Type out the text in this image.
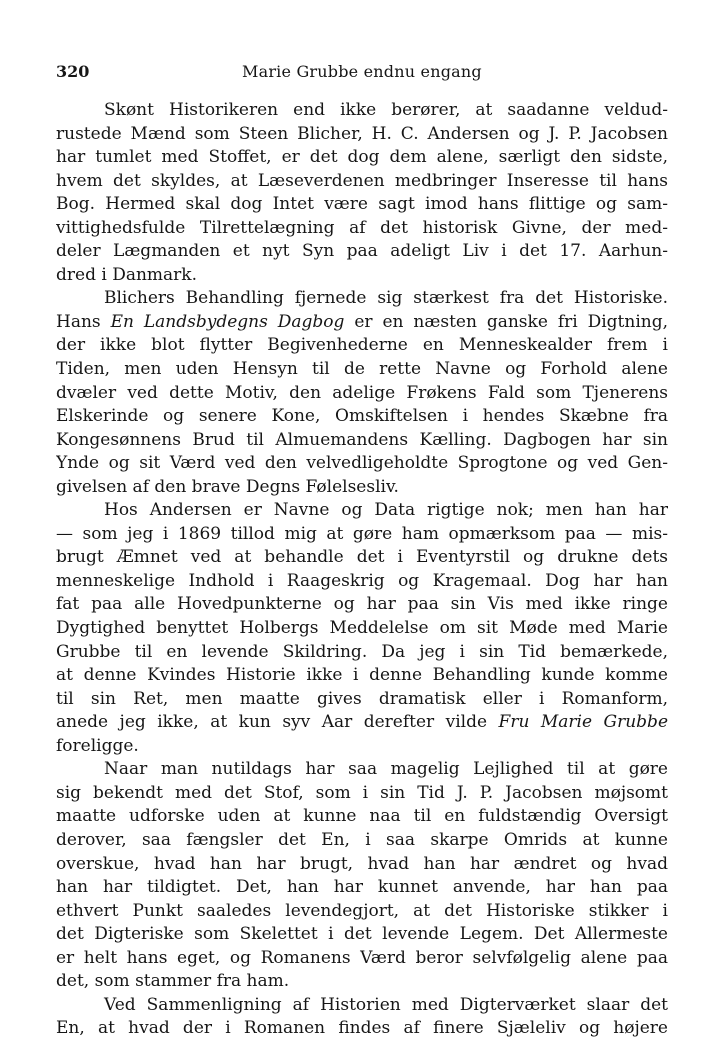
320	Marie Grubbe endnu engang
Skønt Historikeren end ikke berører, at saadanne veldud-
rustede Mænd som Steen Blicher, H. C. Andersen og J. P. Jacobsen
har tumlet med Stoffet, er det dog dem alene, særligt den sidste,
hvem det skyldes, at Læseverdenen medbringer Inseresse til hans
Bog. Hermed skal dog Intet være sagt imod hans flittige og sam-
vittighedsfulde Tilrettelægning af det historisk Givne, der med-
deler Lægmanden et nyt Syn paa adeligt Liv i det 17. Aarhun-
dred i Danmark.
Blichers Behandling fjernede sig stærkest fra det Historiske.
Hans En Landsbydegns Dagbog er en næsten ganske fri Digtning,
der ikke blot flytter Begivenhederne en Menneskealder frem i
Tiden, men uden Hensyn til de rette Navne og Forhold alene
dvæler ved dette Motiv, den adelige Frøkens Fald som Tjenerens
Elskerinde og senere Kone, Omskiftelsen i hendes Skæbne fra
Kongesønnens Brud til Almuemandens Kælling. Dagbogen har sin
Ynde og sit Værd ved den velvedligeholdte Sprogtone og ved Gen-
givelsen af den brave Degns Følelsesliv.
Hos Andersen er Navne og Data rigtige nok; men han har
— som jeg i 1869 tillod mig at gøre ham opmærksom paa — mis-
brugt Æmnet ved at behandle det i Eventyrstil og drukne dets
menneskelige Indhold i Raageskrig og Kragemaal. Dog har han
fat paa alle Hovedpunkterne og har paa sin Vis med ikke ringe
Dygtighed benyttet Holbergs Meddelelse om sit Møde med Marie
Grubbe til en levende Skildring. Da jeg i sin Tid bemærkede,
at denne Kvindes Historie ikke i denne Behandling kunde komme
til sin Ret, men maatte gives dramatisk eller i Romanform,
anede jeg ikke, at kun syv Aar derefter vilde Fru Marie Grubbe
foreligge.
Naar man nutildags har saa magelig Lejlighed til at gøre
sig bekendt med det Stof, som i sin Tid J. P. Jacobsen møjsomt
maatte udforske uden at kunne naa til en fuldstændig Oversigt
derover, saa fængsler det En, i saa skarpe Omrids at kunne
overskue, hvad han har brugt, hvad han har ændret og hvad
han har tildigtet. Det, han har kunnet anvende, har han paa
ethvert Punkt saaledes levendegjort, at det Historiske stikker i
det Digteriske som Skelettet i det levende Legem. Det Allermeste
er helt hans eget, og Romanens Værd beror selvfølgelig alene paa
det, som stammer fra ham.
Ved Sammenligning af Historien med Digterværket slaar det
En, at hvad der i Romanen findes af finere Sjæleliv og højere
